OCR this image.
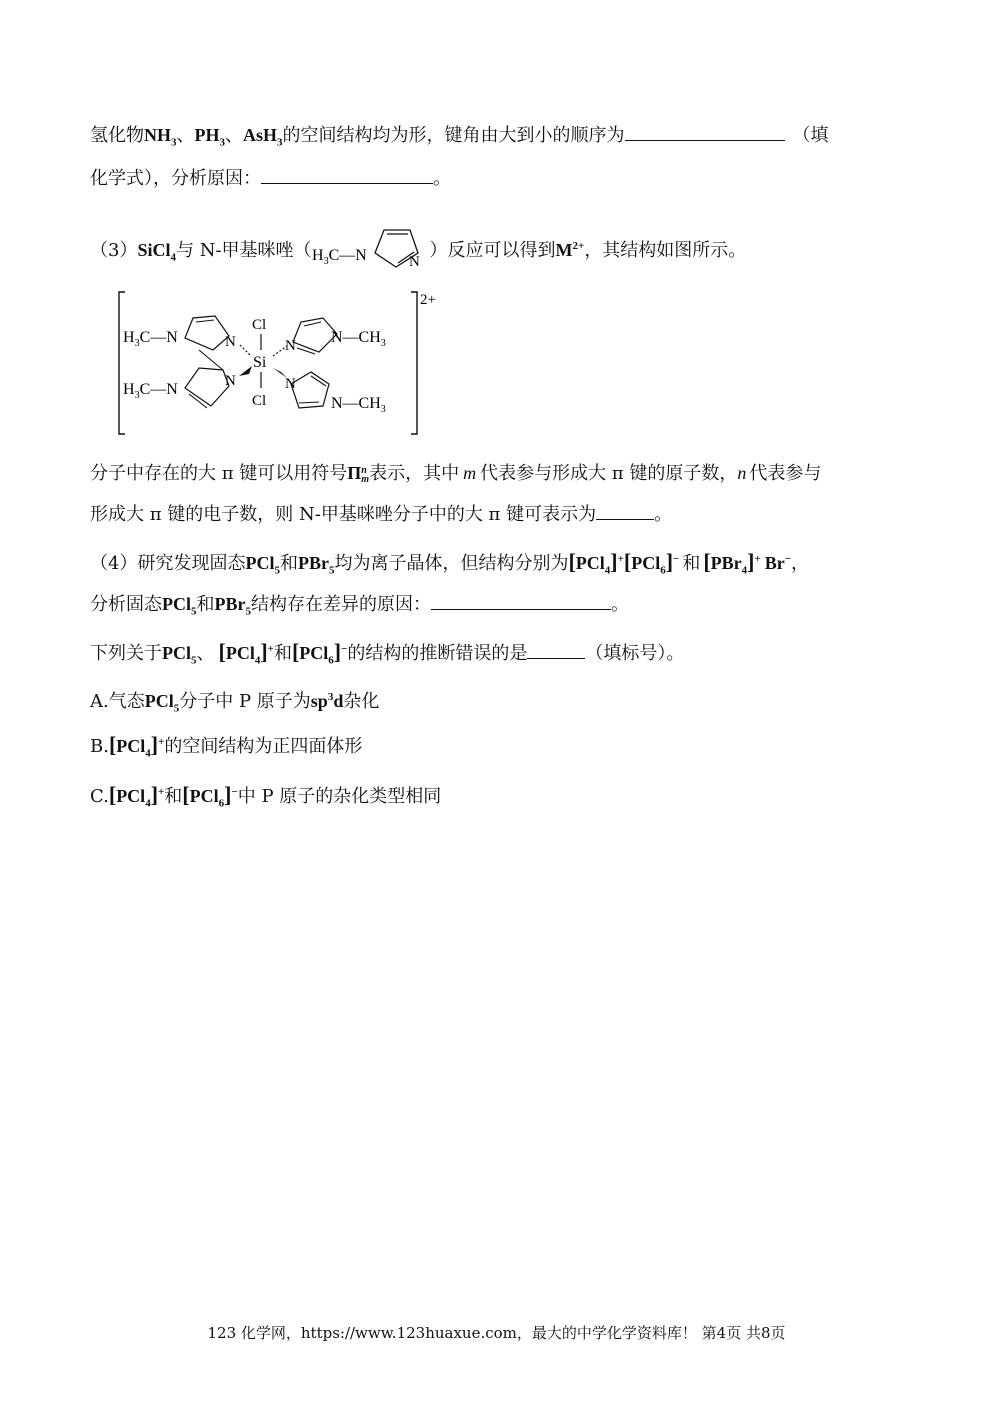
氢化物$NH_3$、$PH_3$、AsH$_3$的空间结构均为形，键角由大到小的顺序为	（填
化学式），分析原因：	。
（3）SiCl$_4$与 N-甲基咪唑（ $H_3C—N$	N
）反应可以得到$M^{2+}$，其结构如图所示。
2+
$H_3C—N$	N
$H_3C—N$	N
Cl
Si
Cl
N $N—CH_3$
N
$N—CH_3$
分子中存在的大 π 键可以用符号Π n
m 表示，其中 m 代表参与形成大 π 键的原子数，n 代表参与
形成大 π 键的电子数，则 N-甲基咪唑分子中的大 π 键可表示为	。
（4）研究发现固态PCl$_5$和PBr$_5$均为离子晶体，但结构分别为[PCl$_4$]+[PCl$_6$]− 和 [PBr$_4$]+ Br−，
分析固态PCl$_5$和PBr$_5$结构存在差异的原因：	。
下列关于PCl$_5$、 [PCl$_4$]+和[PCl$_6$]−的结构的推断错误的是	（填标号）。
A.气态PCl$_5$分子中 P 原子为$sp^3d$杂化
B.[PCl$_4$]+的空间结构为正四面体形
C.[PCl$_4$]+和[PCl$_6$]−中 P 原子的杂化类型相同
123 化学网，https://www.123huaxue.com，最大的中学化学资料库！ 第4页 共8页
